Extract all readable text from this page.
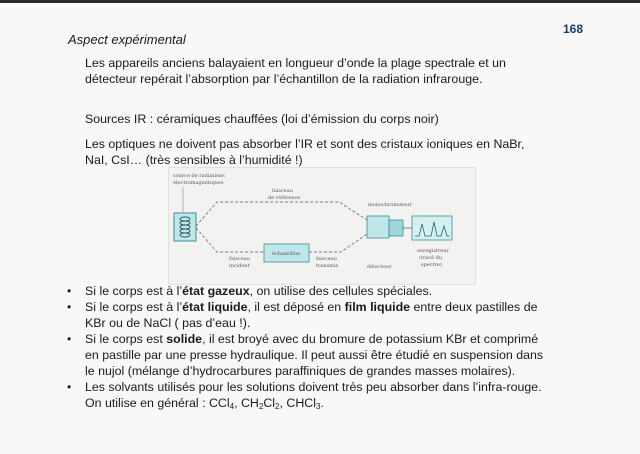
Aspect expérimental
168

Les appareils anciens balayaient en longueur d’onde la plage spectrale et un détecteur repérait l’absorption par l’échantillon de la radiation infrarouge.

Sources IR : céramiques chauffées (loi d’émission du corps noir)

Les optiques ne doivent pas absorber l’IR et sont des cristaux ioniques en NaBr, NaI, CsI… (très sensibles à l’humidité !)

source de radiations
électromagnétiques
échantillon
faisceau
de référence
monochromateur
faisceau
incident
faisceau
transmis	détecteur
enregistreur
(tracé du
spectre)
• Si le corps est à l’état gazeux, on utilise des cellules spéciales.
• Si le corps est à l’état liquide, il est déposé en film liquide entre deux pastilles de KBr ou de NaCl ( pas d’eau !).
• Si le corps est solide, il est broyé avec du bromure de potassium KBr et comprimé en pastille par une presse hydraulique. Il peut aussi être étudié en suspension dans le nujol (mélange d’hydrocarbures paraffiniques de grandes masses molaires).
• Les solvants utilisés pour les solutions doivent très peu absorber dans l’infra-rouge. On utilise en général : CCl$_4$, $CH_2Cl_2$, CHCl$_3$.
